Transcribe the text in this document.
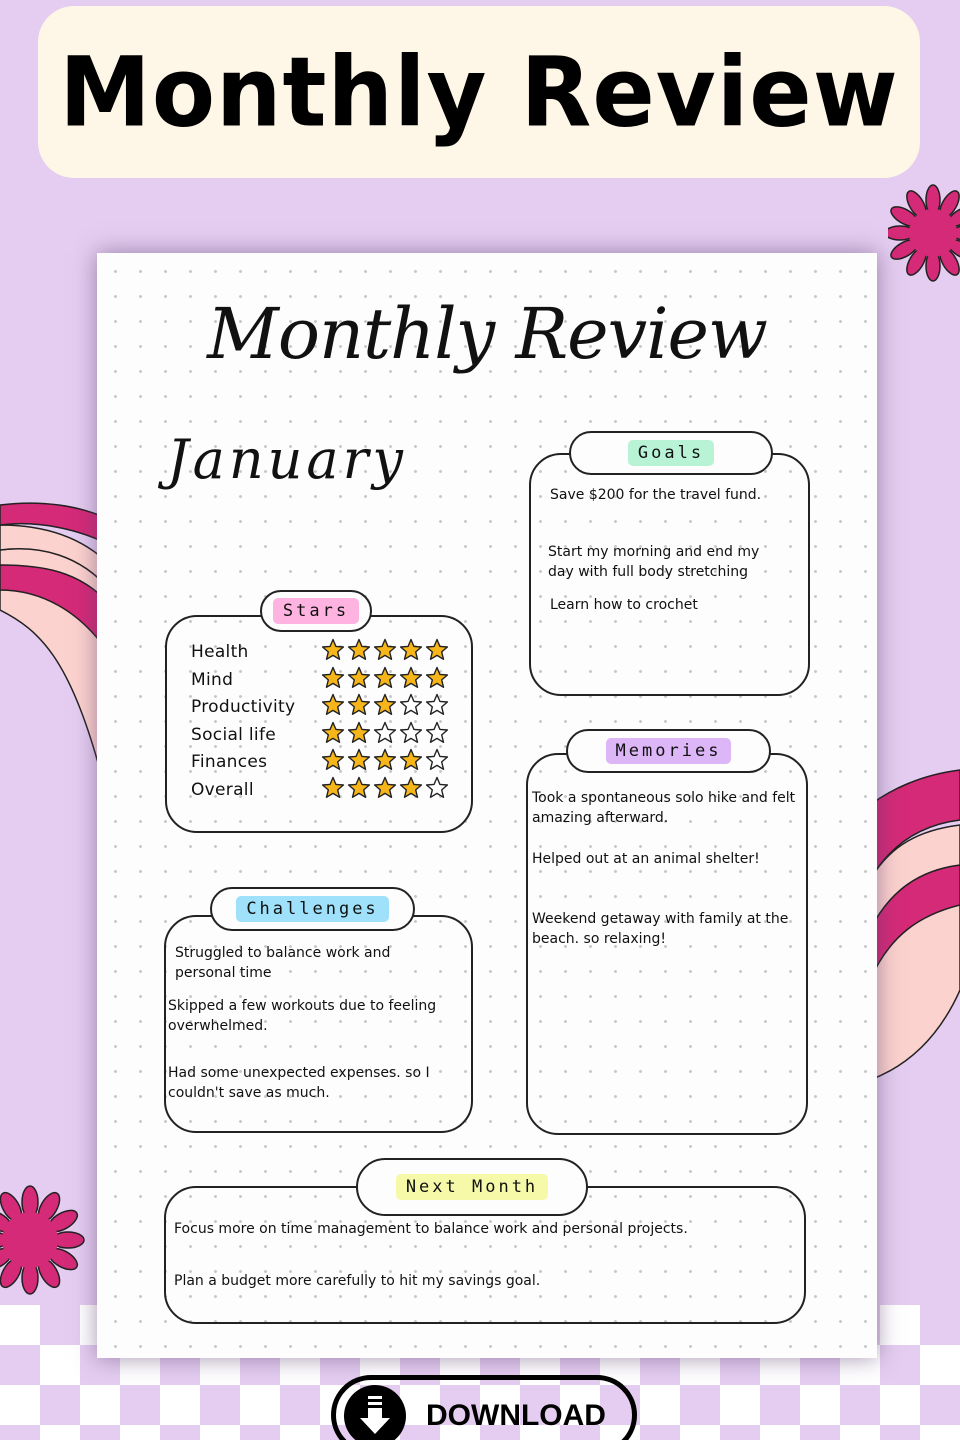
Monthly Review
Monthly Review
January	Goals
Save $200 for the travel fund.
Start my morning and end my day with full body stretching
Learn how to crochet
Stars
Health
Mind
Productivity
Social life
Finances
Overall
Memories
Took a spontaneous solo hike and felt amazing afterward.
Helped out at an animal shelter!
Weekend getaway with family at the beach. so relaxing!
Challenges
Struggled to balance work and personal time
Skipped a few workouts due to feeling overwhelmed.
Had some unexpected expenses. so I couldn't save as much.
Next Month
Focus more on time management to balance work and personal projects.
Plan a budget more carefully to hit my savings goal.
DOWNLOAD
